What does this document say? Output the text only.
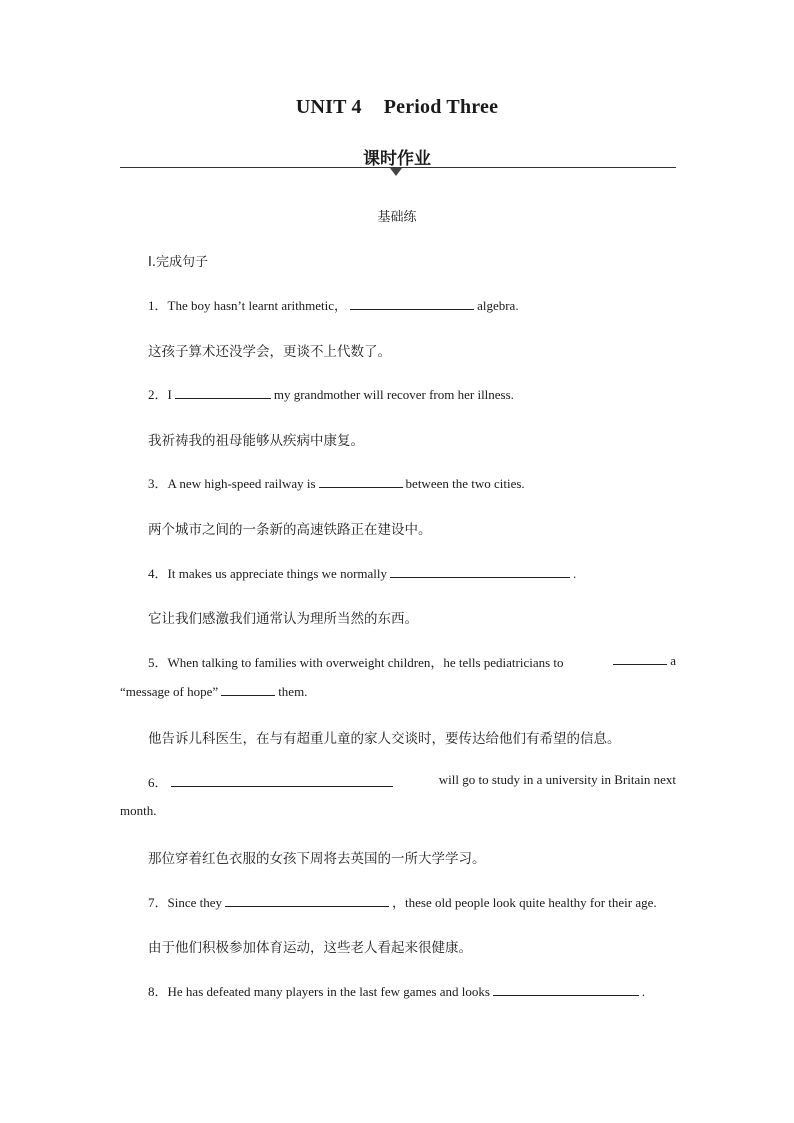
UNIT 4 Period Three
课时作业
基础练
Ⅰ.完成句子
1．The boy hasn’t learnt arithmetic，	algebra.
这孩子算术还没学会，更谈不上代数了。
2．I	my grandmother will recover from her illness.
我祈祷我的祖母能够从疾病中康复。
3．A new high-speed railway is	between the two cities.
两个城市之间的一条新的高速铁路正在建设中。
4．It makes us appreciate things we normally	.
它让我们感激我们通常认为理所当然的东西。
5．When talking to families with overweight children，he tells pediatricians to	a
“message of hope”	them.
他告诉儿科医生，在与有超重儿童的家人交谈时，要传达给他们有希望的信息。
6．	will go to study in a university in Britain next
month.
那位穿着红色衣服的女孩下周将去英国的一所大学学习。
7．Since they	，these old people look quite healthy for their age.
由于他们积极参加体育运动，这些老人看起来很健康。
8．He has defeated many players in the last few games and looks	.
